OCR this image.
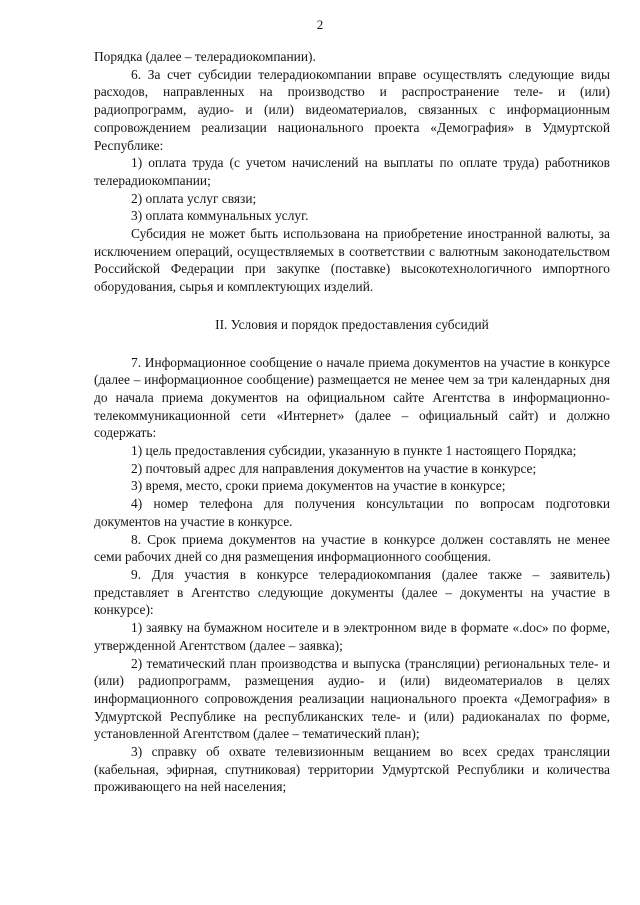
2

Порядка (далее – телерадиокомпании).

6. За счет субсидии телерадиокомпании вправе осуществлять следующие виды расходов, направленных на производство и распространение теле- и (или) радиопрограмм, аудио- и (или) видеоматериалов, связанных с информационным сопровождением реализации национального проекта «Демография» в Удмуртской Республике:

1) оплата труда (с учетом начислений на выплаты по оплате труда) работников телерадиокомпании;

2) оплата услуг связи;

3) оплата коммунальных услуг.

Субсидия не может быть использована на приобретение иностранной валюты, за исключением операций, осуществляемых в соответствии с валютным законодательством Российской Федерации при закупке (поставке) высокотехнологичного импортного оборудования, сырья и комплектующих изделий.

II. Условия и порядок предоставления субсидий

7. Информационное сообщение о начале приема документов на участие в конкурсе (далее – информационное сообщение) размещается не менее чем за три календарных дня до начала приема документов на официальном сайте Агентства в информационно-телекоммуникационной сети «Интернет» (далее – официальный сайт) и должно содержать:

1) цель предоставления субсидии, указанную в пункте 1 настоящего Порядка;

2) почтовый адрес для направления документов на участие в конкурсе;

3) время, место, сроки приема документов на участие в конкурсе;

4) номер телефона для получения консультации по вопросам подготовки документов на участие в конкурсе.

8. Срок приема документов на участие в конкурсе должен составлять не менее семи рабочих дней со дня размещения информационного сообщения.

9. Для участия в конкурсе телерадиокомпания (далее также – заявитель) представляет в Агентство следующие документы (далее – документы на участие в конкурсе):

1) заявку на бумажном носителе и в электронном виде в формате «.doc» по форме, утвержденной Агентством (далее – заявка);

2) тематический план производства и выпуска (трансляции) региональных теле- и (или) радиопрограмм, размещения аудио- и (или) видеоматериалов в целях информационного сопровождения реализации национального проекта «Демография» в Удмуртской Республике на республиканских теле- и (или) радиоканалах по форме, установленной Агентством (далее – тематический план);

3) справку об охвате телевизионным вещанием во всех средах трансляции (кабельная, эфирная, спутниковая) территории Удмуртской Республики и количества проживающего на ней населения;
